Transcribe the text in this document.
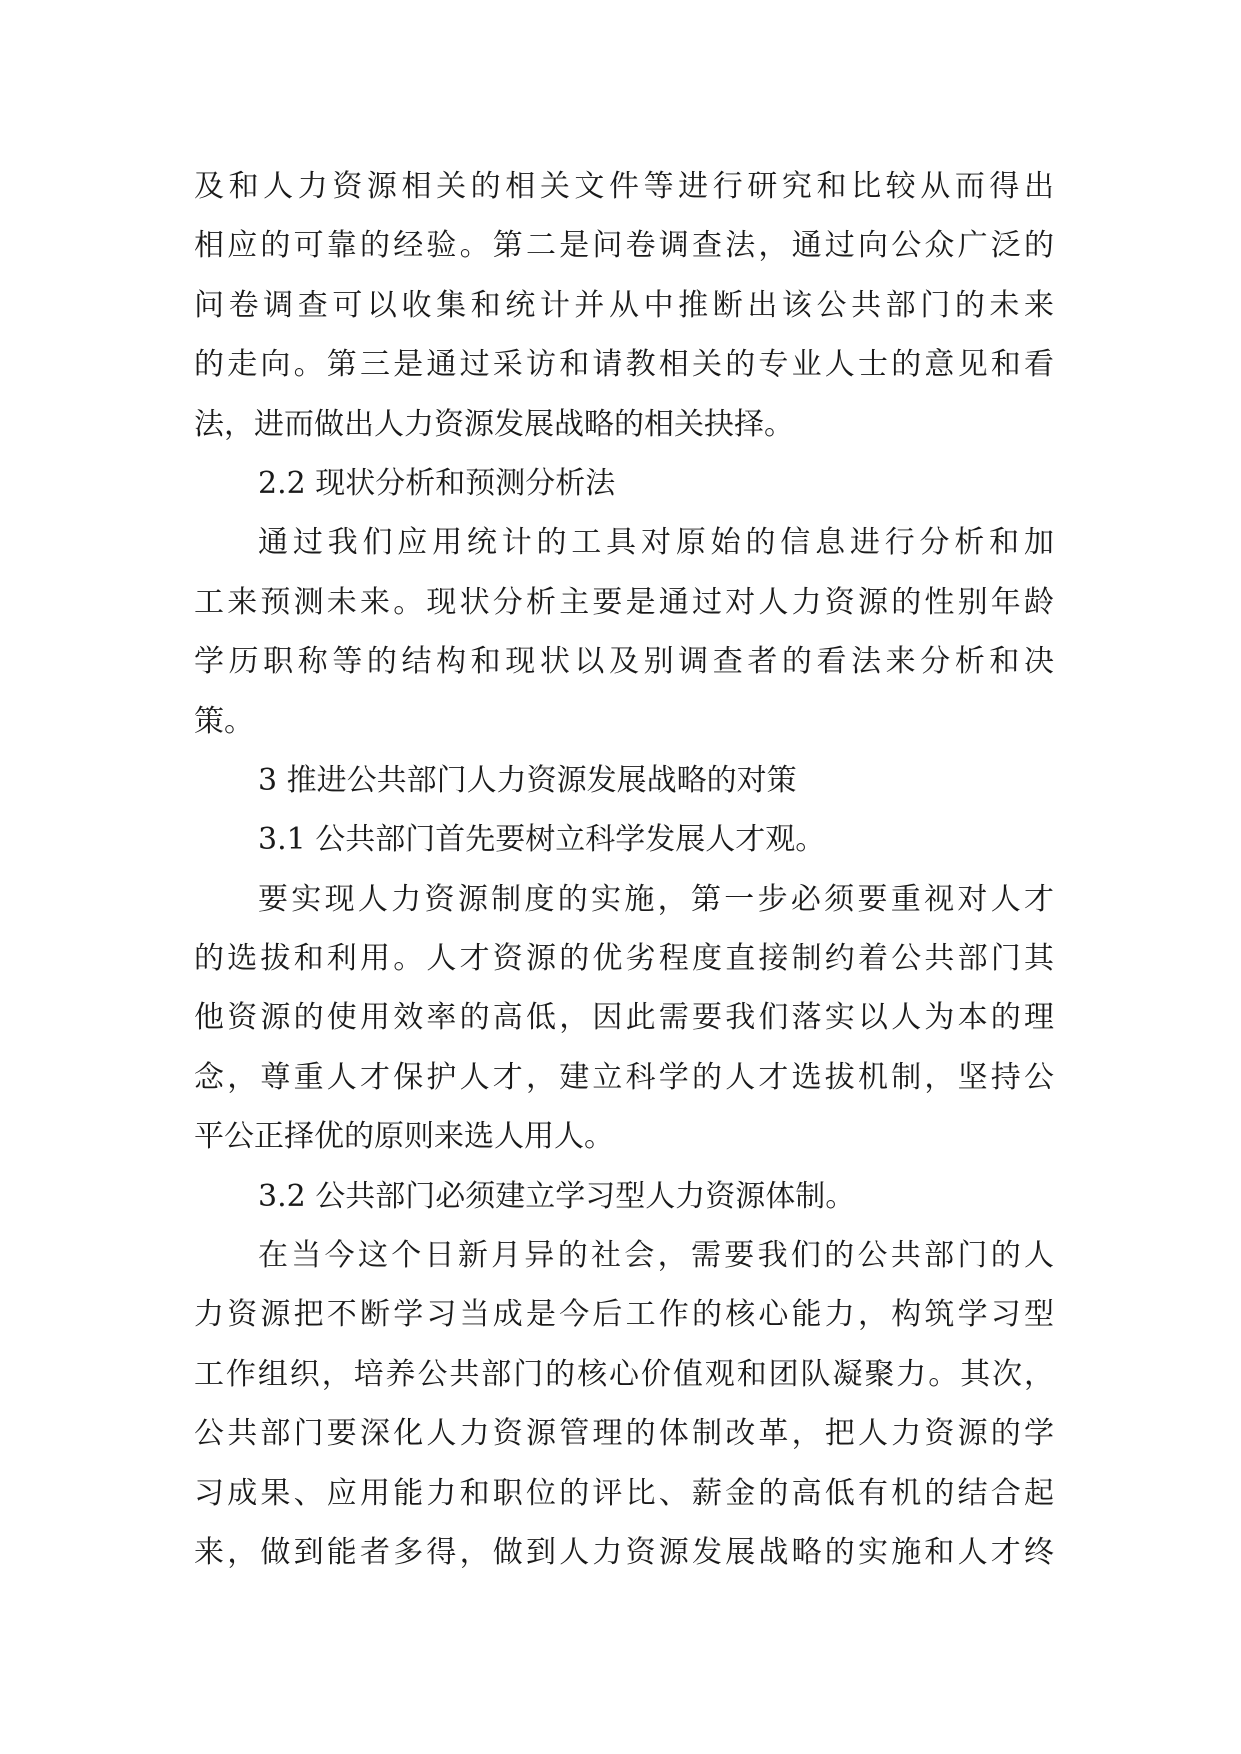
及和人力资源相关的相关文件等进行研究和比较从而得出
相应的可靠的经验。第二是问卷调查法，通过向公众广泛的
问卷调查可以收集和统计并从中推断出该公共部门的未来
的走向。第三是通过采访和请教相关的专业人士的意见和看
法，进而做出人力资源发展战略的相关抉择。
2.2 现状分析和预测分析法
通过我们应用统计的工具对原始的信息进行分析和加
工来预测未来。现状分析主要是通过对人力资源的性别年龄
学历职称等的结构和现状以及别调查者的看法来分析和决
策。
3 推进公共部门人力资源发展战略的对策
3.1 公共部门首先要树立科学发展人才观。
要实现人力资源制度的实施，第一步必须要重视对人才
的选拔和利用。人才资源的优劣程度直接制约着公共部门其
他资源的使用效率的高低，因此需要我们落实以人为本的理
念，尊重人才保护人才，建立科学的人才选拔机制，坚持公
平公正择优的原则来选人用人。
3.2 公共部门必须建立学习型人力资源体制。
在当今这个日新月异的社会，需要我们的公共部门的人
力资源把不断学习当成是今后工作的核心能力，构筑学习型
工作组织，培养公共部门的核心价值观和团队凝聚力。其次，
公共部门要深化人力资源管理的体制改革，把人力资源的学
习成果、应用能力和职位的评比、薪金的高低有机的结合起
来，做到能者多得，做到人力资源发展战略的实施和人才终
